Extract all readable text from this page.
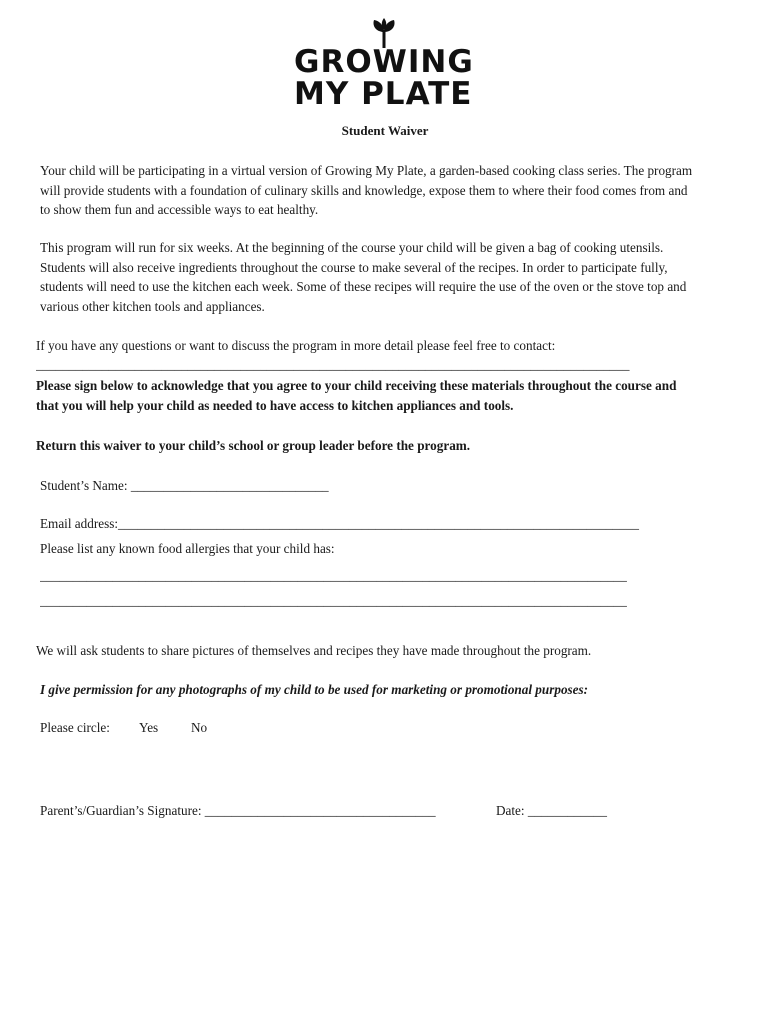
GROWING
MY PLATE
Student Waiver
Your child will be participating in a virtual version of Growing My Plate, a garden-based cooking class series. The program
will provide students with a foundation of culinary skills and knowledge, expose them to where their food comes from and
to show them fun and accessible ways to eat healthy.
This program will run for six weeks. At the beginning of the course your child will be given a bag of cooking utensils.
Students will also receive ingredients throughout the course to make several of the recipes. In order to participate fully,
students will need to use the kitchen each week. Some of these recipes will require the use of the oven or the stove top and
various other kitchen tools and appliances.
If you have any questions or want to discuss the program in more detail please feel free to contact:
__________________________________________________________________________________________
Please sign below to acknowledge that you agree to your child receiving these materials throughout the course and
that you will help your child as needed to have access to kitchen appliances and tools.
Return this waiver to your child’s school or group leader before the program.
Student’s Name: ______________________________
Email address:_______________________________________________________________________________
Please list any known food allergies that your child has:
_________________________________________________________________________________________
_________________________________________________________________________________________
We will ask students to share pictures of themselves and recipes they have made throughout the program.
I give permission for any photographs of my child to be used for marketing or promotional purposes:
Please circle: Yes No
Parent’s/Guardian’s Signature: ___________________________________	Date: ____________
